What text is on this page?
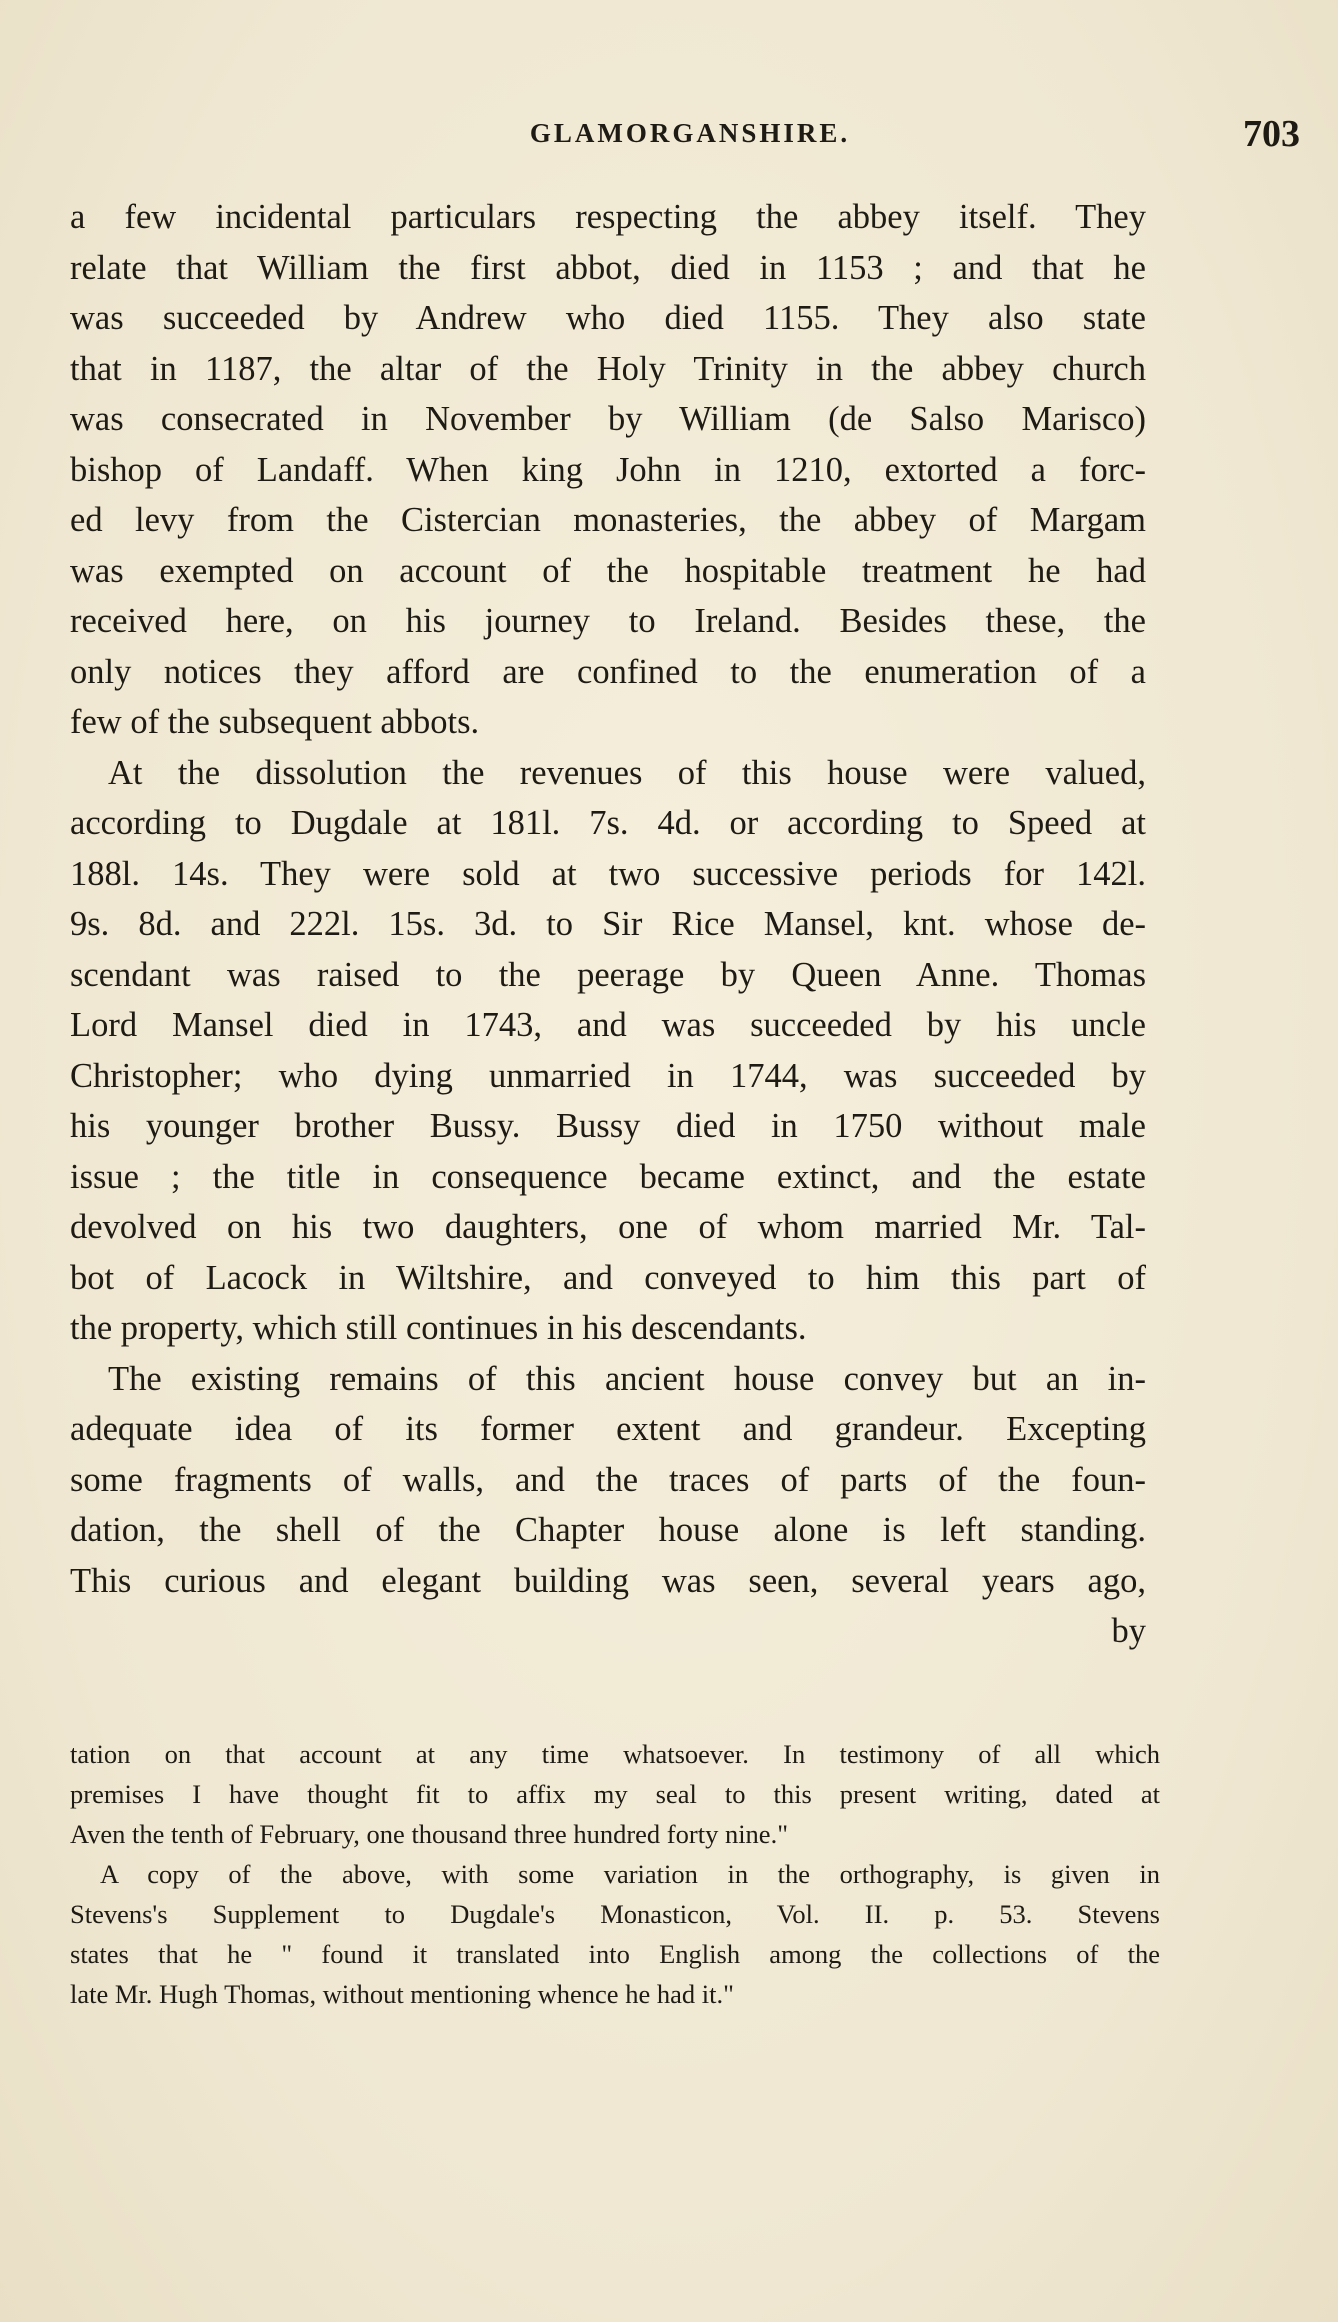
GLAMORGANSHIRE.	703
a few incidental particulars respecting the abbey itself. They
relate that William the first abbot, died in 1153 ; and that he
was succeeded by Andrew who died 1155. They also state
that in 1187, the altar of the Holy Trinity in the abbey church
was consecrated in November by William (de Salso Marisco)
bishop of Landaff. When king John in 1210, extorted a forc-
ed levy from the Cistercian monasteries, the abbey of Margam
was exempted on account of the hospitable treatment he had
received here, on his journey to Ireland. Besides these, the
only notices they afford are confined to the enumeration of a
few of the subsequent abbots.
At the dissolution the revenues of this house were valued,
according to Dugdale at 181l. 7s. 4d. or according to Speed at
188l. 14s. They were sold at two successive periods for 142l.
9s. 8d. and 222l. 15s. 3d. to Sir Rice Mansel, knt. whose de-
scendant was raised to the peerage by Queen Anne. Thomas
Lord Mansel died in 1743, and was succeeded by his uncle
Christopher; who dying unmarried in 1744, was succeeded by
his younger brother Bussy. Bussy died in 1750 without male
issue ; the title in consequence became extinct, and the estate
devolved on his two daughters, one of whom married Mr. Tal-
bot of Lacock in Wiltshire, and conveyed to him this part of
the property, which still continues in his descendants.
The existing remains of this ancient house convey but an in-
adequate idea of its former extent and grandeur. Excepting
some fragments of walls, and the traces of parts of the foun-
dation, the shell of the Chapter house alone is left standing.
This curious and elegant building was seen, several years ago,
by
tation on that account at any time whatsoever. In testimony of all which
premises I have thought fit to affix my seal to this present writing, dated at
Aven the tenth of February, one thousand three hundred forty nine."
A copy of the above, with some variation in the orthography, is given in
Stevens's Supplement to Dugdale's Monasticon, Vol. II. p. 53. Stevens
states that he " found it translated into English among the collections of the
late Mr. Hugh Thomas, without mentioning whence he had it."
